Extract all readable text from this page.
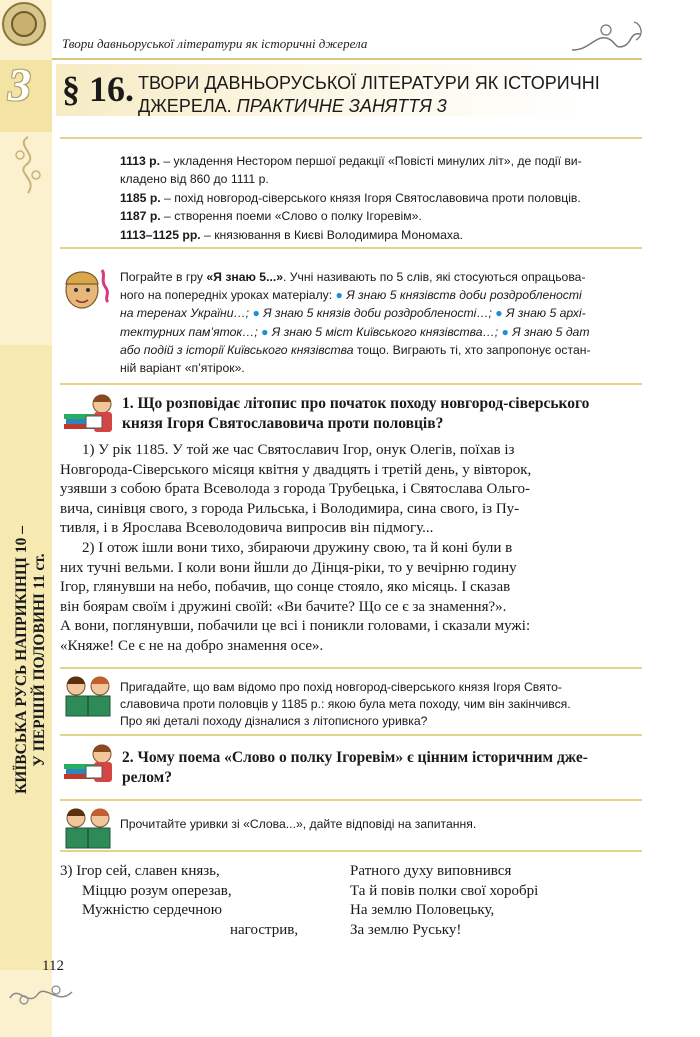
Твори давньоруської літератури як історичні джерела
3 § 16. ТВОРИ ДАВНЬОРУСЬКОЇ ЛІТЕРАТУРИ ЯК ІСТОРИЧНІ
ДЖЕРЕЛА. ПРАКТИЧНЕ ЗАНЯТТЯ 3
1113 р. – укладення Нестором першої редакції «Повісті минулих літ», де події ви-
кладено від 860 до 1111 р.
1185 р. – похід новгород-сіверського князя Ігоря Святославовича проти половців.
1187 р. – створення поеми «Слово о полку Ігоревім».
1113–1125 рр. – князювання в Києві Володимира Мономаха.
Пограйте в гру «Я знаю 5...». Учні називають по 5 слів, які стосуються опрацьова-
ного на попередніх уроках матеріалу: ● Я знаю 5 князівств доби роздробленості
на теренах України…; ● Я знаю 5 князів доби роздробленості…; ● Я знаю 5 архі-
тектурних пам’яток…; ● Я знаю 5 міст Київського князівства…; ● Я знаю 5 дат
або подій з історії Київського князівства тощо. Виграють ті, хто запропонує остан-
ній варіант «п’ятірок».
1. Що розповідає літопис про початок походу новгород-сіверського
князя Ігоря Святославовича проти половців?
1) У рік 1185. У той же час Святославич Ігор, онук Олегів, поїхав із
Новгорода-Сіверського місяця квітня у двадцять і третій день, у вівторок,
узявши з собою брата Всеволода з города Трубецька, і Святослава Ольго-
вича, синівця свого, з города Рильська, і Володимира, сина свого, із Пу-
тивля, і в Ярослава Всеволодовича випросив він підмогу...
2) І отож ішли вони тихо, збираючи дружину свою, та й коні були в
них тучні вельми. І коли вони йшли до Дінця-ріки, то у вечірню годину
Ігор, глянувши на небо, побачив, що сонце стояло, яко місяць. І сказав
він боярам своїм і дружині своїй: «Ви бачите? Що се є за знамення?».
А вони, поглянувши, побачили це всі і поникли головами, і сказали мужі:
«Княже! Се є не на добро знамення осе».
Пригадайте, що вам відомо про похід новгород-сіверського князя Ігоря Свято-
славовича проти половців у 1185 р.: якою була мета походу, чим він закінчився.
Про які деталі походу дізналися з літописного уривка?
2. Чому поема «Слово о полку Ігоревім» є цінним історичним дже-
релом?
Прочитайте уривки зі «Слова...», дайте відповіді на запитання.
3) Ігор сей, славен князь,
Міццю розум оперезав,
Мужністю сердечною
нагострив,
Ратного духу виповнився
Та й повів полки свої хоробрі
На землю Половецьку,
За землю Руську!
КИЇВСЬКА РУСЬ НАПРИКІНЦІ 10 – У ПЕРШІЙ ПОЛОВИНІ 11 ст.
112
